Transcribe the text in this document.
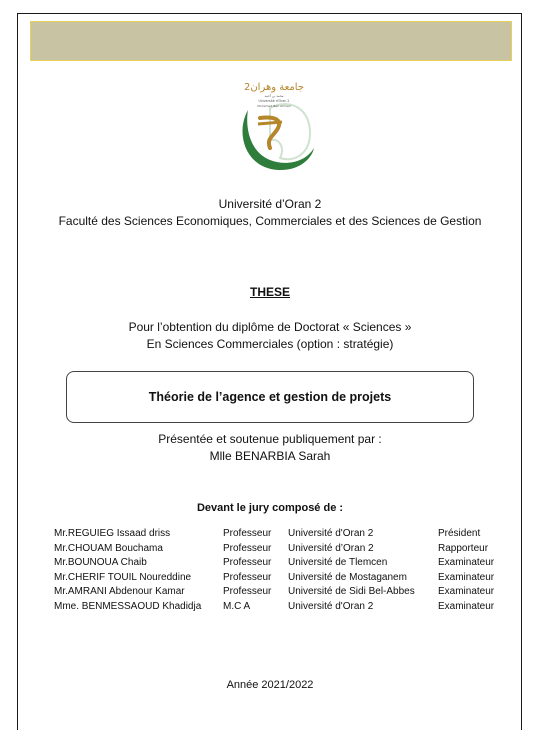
جامعة وهران2
محمد بن أحمد
Université d'Oran 2
Mohamed Ben Ahmed
Université d’Oran 2
Faculté des Sciences Economiques, Commerciales et des Sciences de Gestion
THESE
Pour l’obtention du diplôme de Doctorat « Sciences »
En Sciences Commerciales (option : stratégie)
Théorie de l’agence et gestion de projets
Présentée et soutenue publiquement par :
Mlle BENARBIA Sarah
Devant le jury composé de :
Mr.REGUIEG Issaad driss	Professeur	Université d'Oran 2	Président
Mr.CHOUAM Bouchama	Professeur	Université d’Oran 2	Rapporteur
Mr.BOUNOUA Chaib	Professeur	Université de Tlemcen	Examinateur
Mr.CHERIF TOUIL Noureddine	Professeur	Université de Mostaganem	Examinateur
Mr.AMRANI Abdenour Kamar	Professeur	Université de Sidi Bel-Abbes	Examinateur
Mme. BENMESSAOUD Khadidja	M.C A	Université d'Oran 2	Examinateur
Année 2021/2022
